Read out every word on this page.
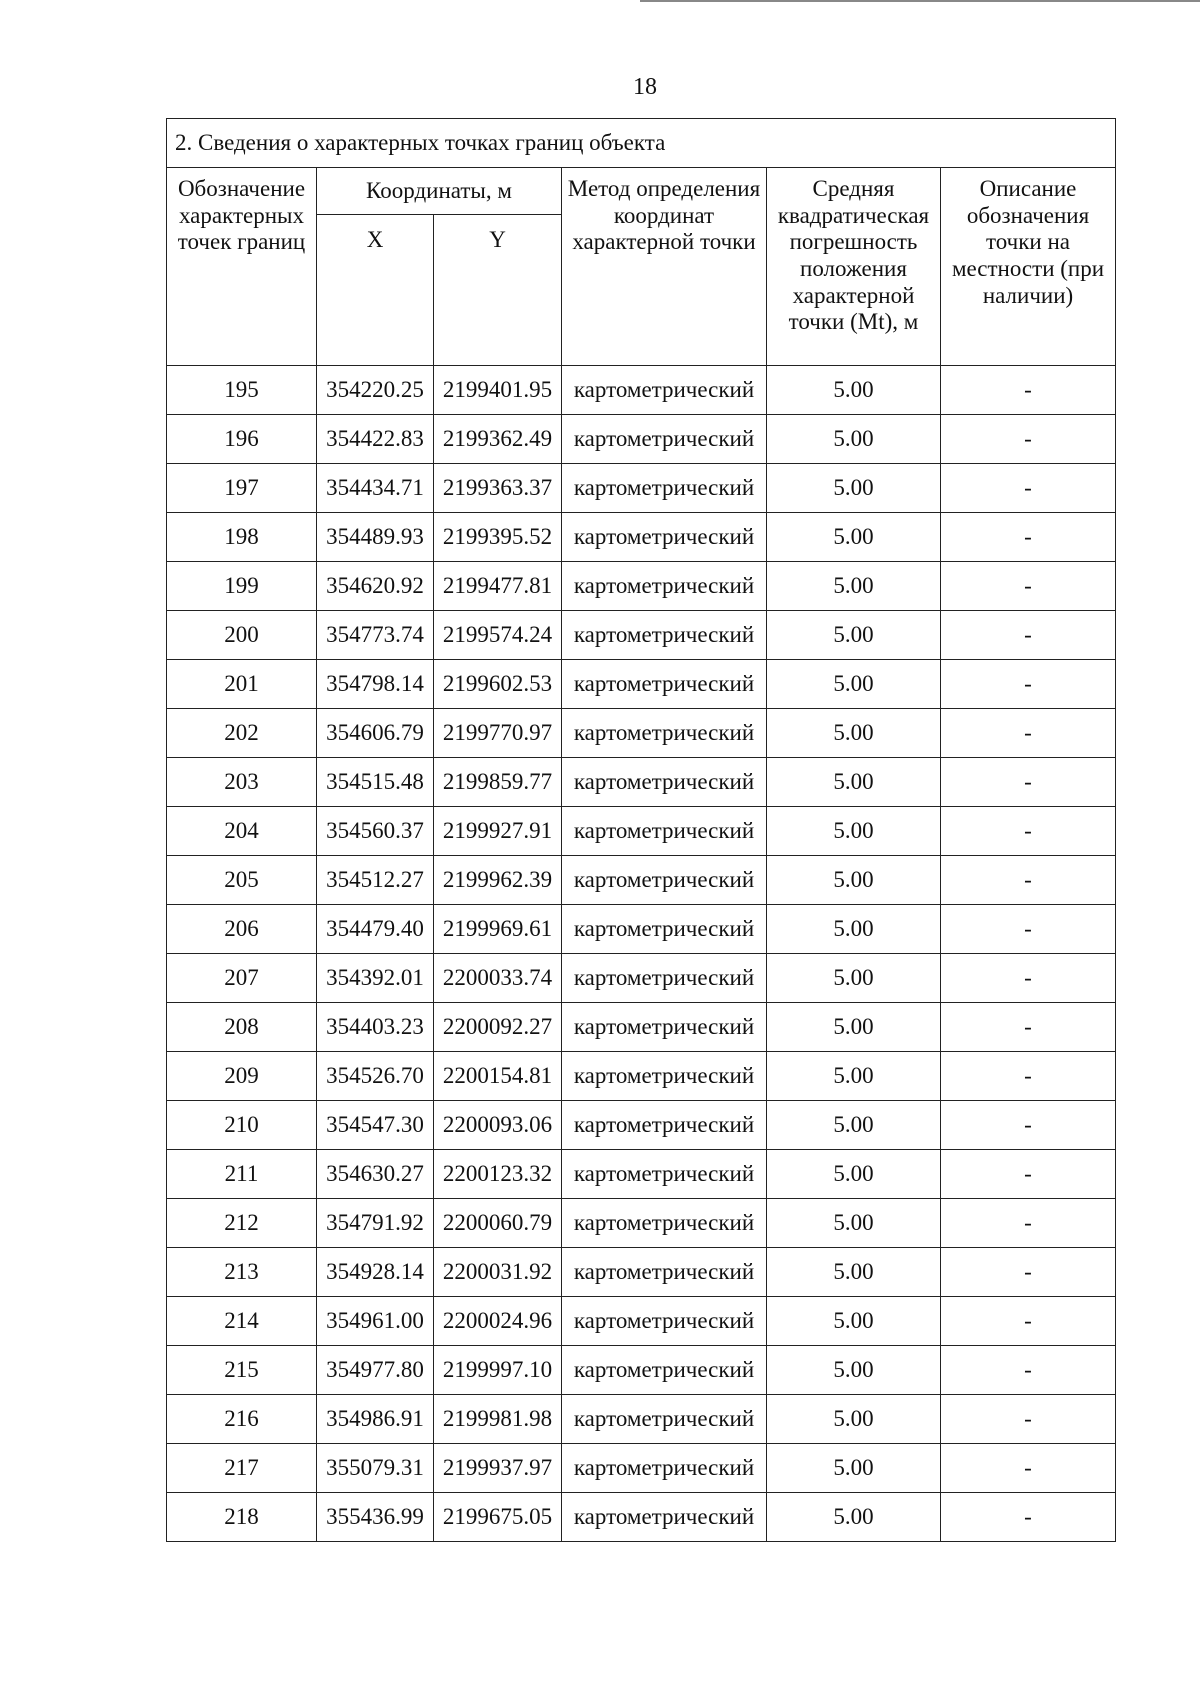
18
2. Сведения о характерных точках границ объекта					
Обозначение характерных точек границ	Координаты, м		Метод определения координат характерной точки	Средняя квадратическая погрешность положения характерной точки (Mt), м	Описание обозначения точки на местности (при наличии)
	X	Y			
195	354220.25	2199401.95	картометрический	5.00	-
196	354422.83	2199362.49	картометрический	5.00	-
197	354434.71	2199363.37	картометрический	5.00	-
198	354489.93	2199395.52	картометрический	5.00	-
199	354620.92	2199477.81	картометрический	5.00	-
200	354773.74	2199574.24	картометрический	5.00	-
201	354798.14	2199602.53	картометрический	5.00	-
202	354606.79	2199770.97	картометрический	5.00	-
203	354515.48	2199859.77	картометрический	5.00	-
204	354560.37	2199927.91	картометрический	5.00	-
205	354512.27	2199962.39	картометрический	5.00	-
206	354479.40	2199969.61	картометрический	5.00	-
207	354392.01	2200033.74	картометрический	5.00	-
208	354403.23	2200092.27	картометрический	5.00	-
209	354526.70	2200154.81	картометрический	5.00	-
210	354547.30	2200093.06	картометрический	5.00	-
211	354630.27	2200123.32	картометрический	5.00	-
212	354791.92	2200060.79	картометрический	5.00	-
213	354928.14	2200031.92	картометрический	5.00	-
214	354961.00	2200024.96	картометрический	5.00	-
215	354977.80	2199997.10	картометрический	5.00	-
216	354986.91	2199981.98	картометрический	5.00	-
217	355079.31	2199937.97	картометрический	5.00	-
218	355436.99	2199675.05	картометрический	5.00	-
